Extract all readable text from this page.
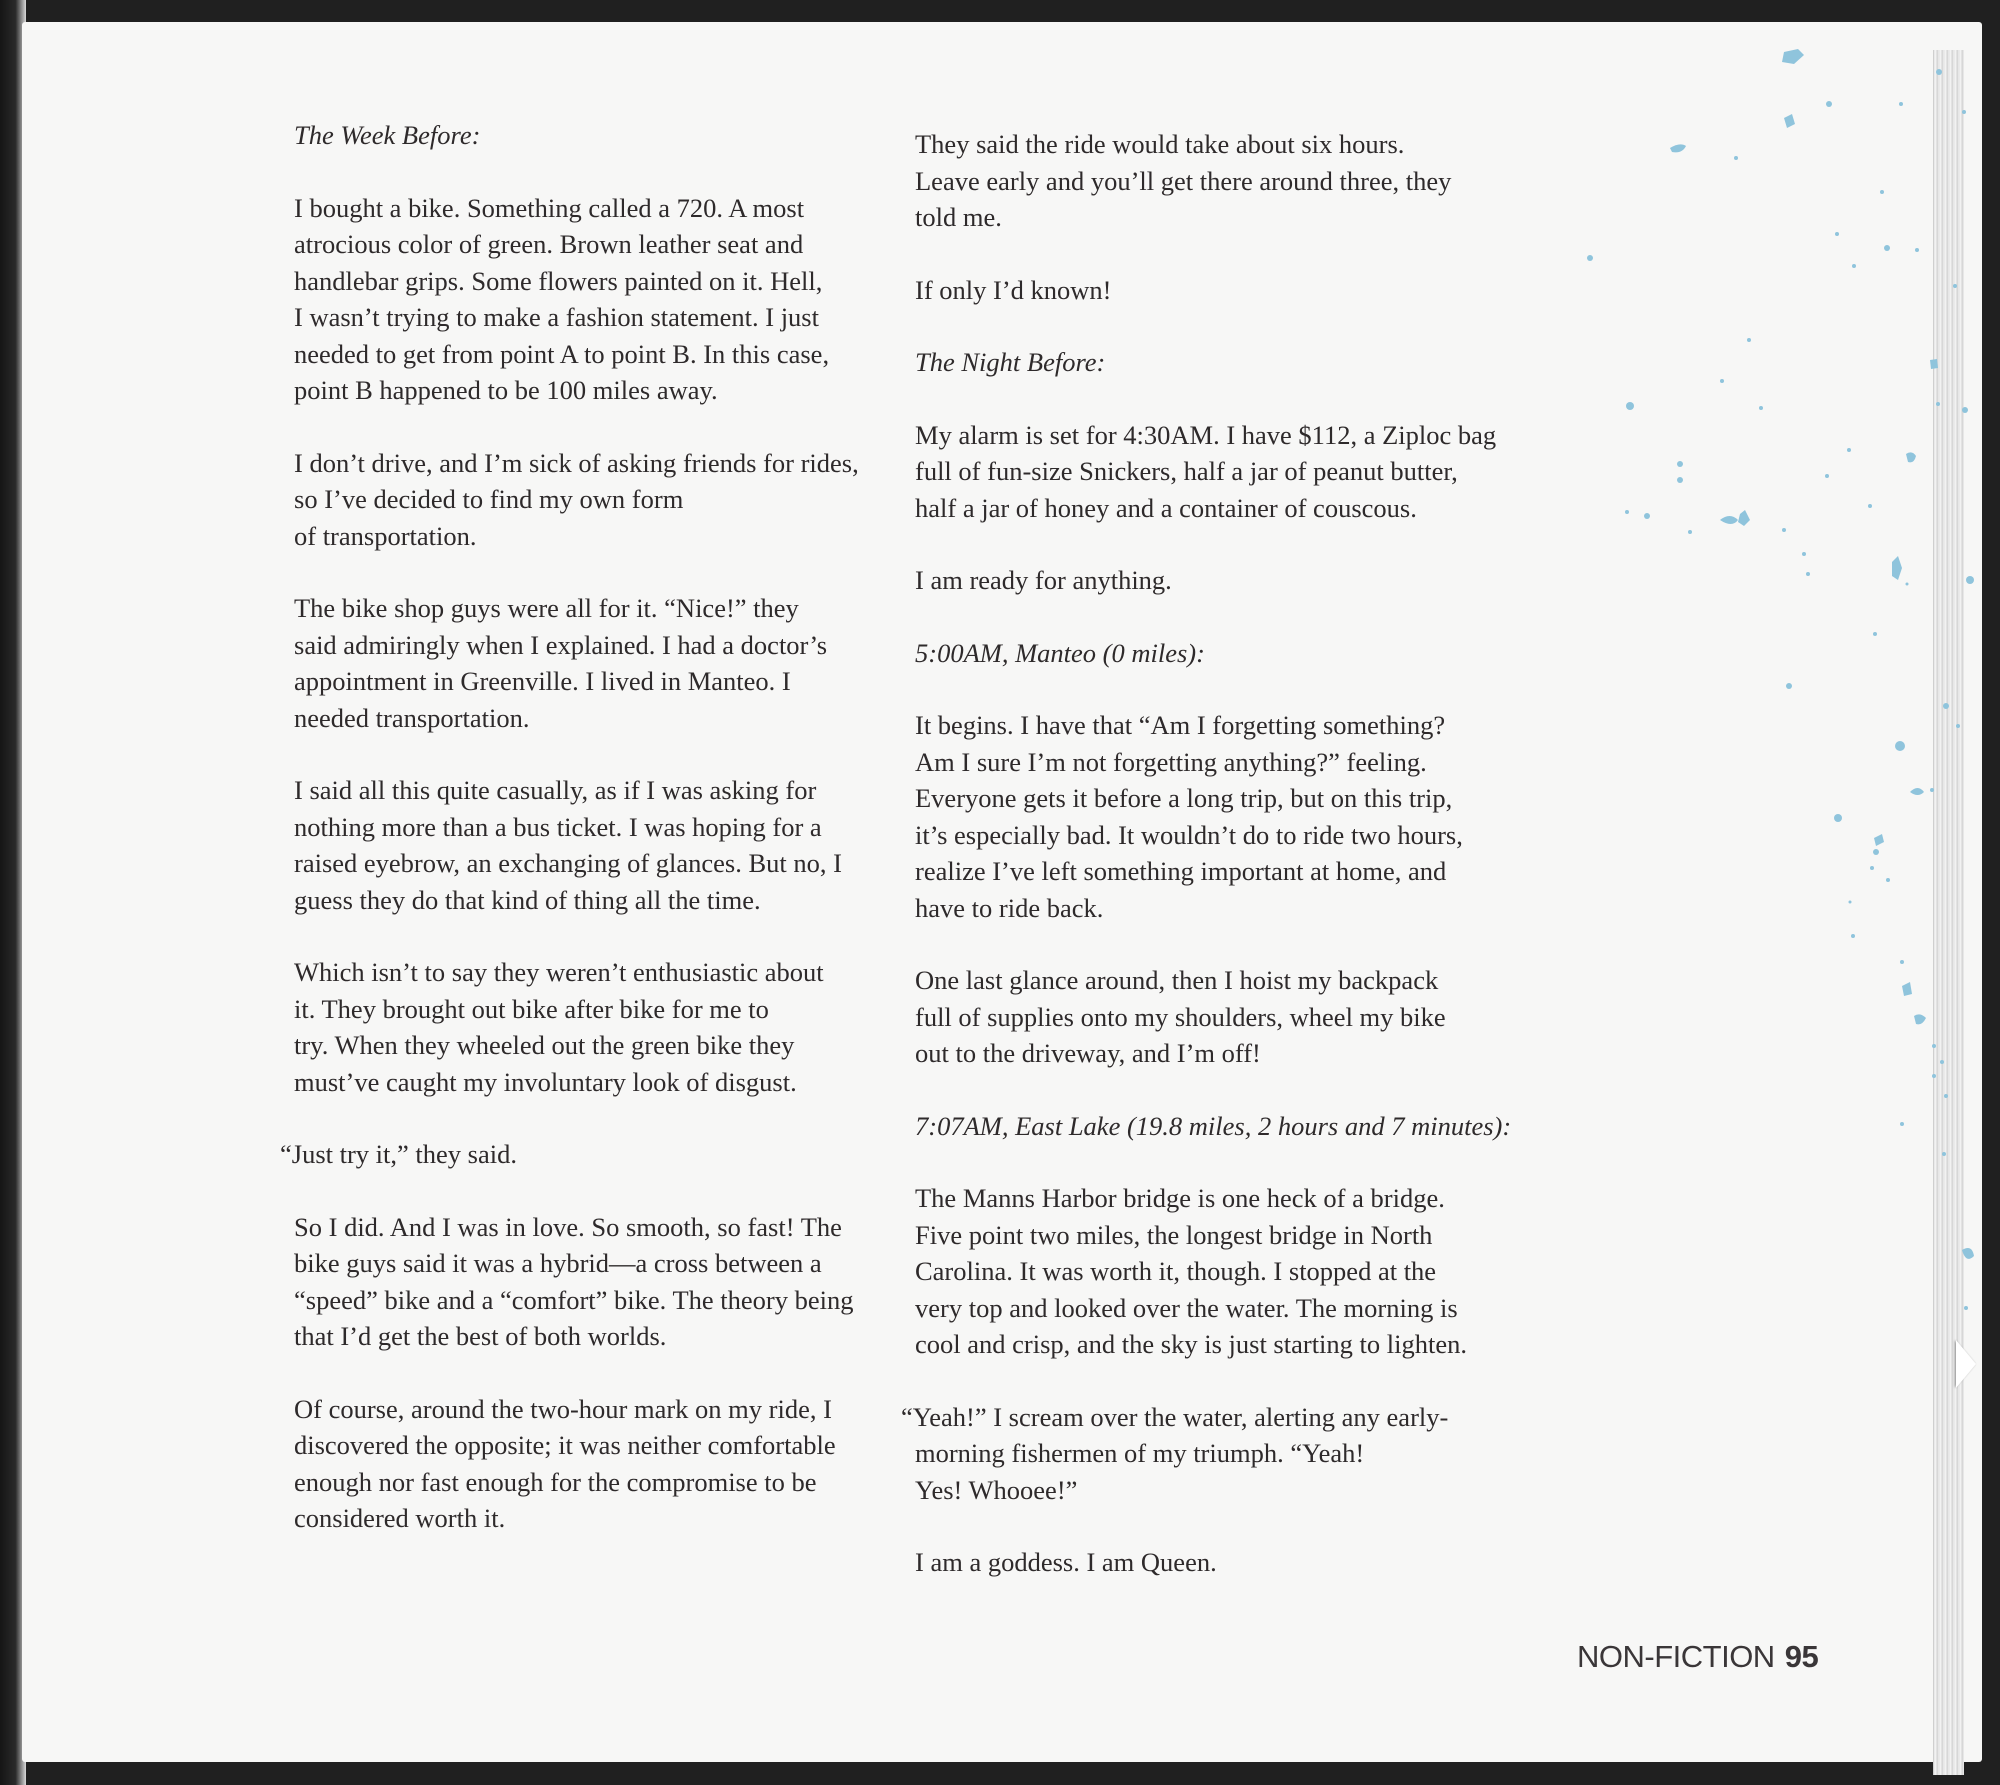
The Week Before:

I bought a bike. Something called a 720. A most
atrocious color of green. Brown leather seat and
handlebar grips. Some flowers painted on it. Hell,
I wasn’t trying to make a fashion statement. I just
needed to get from point A to point B. In this case,
point B happened to be 100 miles away.

I don’t drive, and I’m sick of asking friends for rides,
so I’ve decided to find my own form
of transportation.

The bike shop guys were all for it. “Nice!” they
said admiringly when I explained. I had a doctor’s
appointment in Greenville. I lived in Manteo. I
needed transportation.

I said all this quite casually, as if I was asking for
nothing more than a bus ticket. I was hoping for a
raised eyebrow, an exchanging of glances. But no, I
guess they do that kind of thing all the time.

Which isn’t to say they weren’t enthusiastic about
it. They brought out bike after bike for me to
try. When they wheeled out the green bike they
must’ve caught my involuntary look of disgust.

“Just try it,” they said.

So I did. And I was in love. So smooth, so fast! The
bike guys said it was a hybrid—a cross between a
“speed” bike and a “comfort” bike. The theory being
that I’d get the best of both worlds.

Of course, around the two-hour mark on my ride, I
discovered the opposite; it was neither comfortable
enough nor fast enough for the compromise to be
considered worth it.

They said the ride would take about six hours.
Leave early and you’ll get there around three, they
told me.

If only I’d known!

The Night Before:

My alarm is set for 4:30AM. I have $112, a Ziploc bag
full of fun-size Snickers, half a jar of peanut butter,
half a jar of honey and a container of couscous.

I am ready for anything.

5:00AM, Manteo (0 miles):

It begins. I have that “Am I forgetting something?
Am I sure I’m not forgetting anything?” feeling.
Everyone gets it before a long trip, but on this trip,
it’s especially bad. It wouldn’t do to ride two hours,
realize I’ve left something important at home, and
have to ride back.

One last glance around, then I hoist my backpack
full of supplies onto my shoulders, wheel my bike
out to the driveway, and I’m off!

7:07AM, East Lake (19.8 miles, 2 hours and 7 minutes):

The Manns Harbor bridge is one heck of a bridge.
Five point two miles, the longest bridge in North
Carolina. It was worth it, though. I stopped at the
very top and looked over the water. The morning is
cool and crisp, and the sky is just starting to lighten.

“Yeah!” I scream over the water, alerting any early-
morning fishermen of my triumph. “Yeah!
Yes! Whooee!”

I am a goddess. I am Queen.

NON-FICTION 95
